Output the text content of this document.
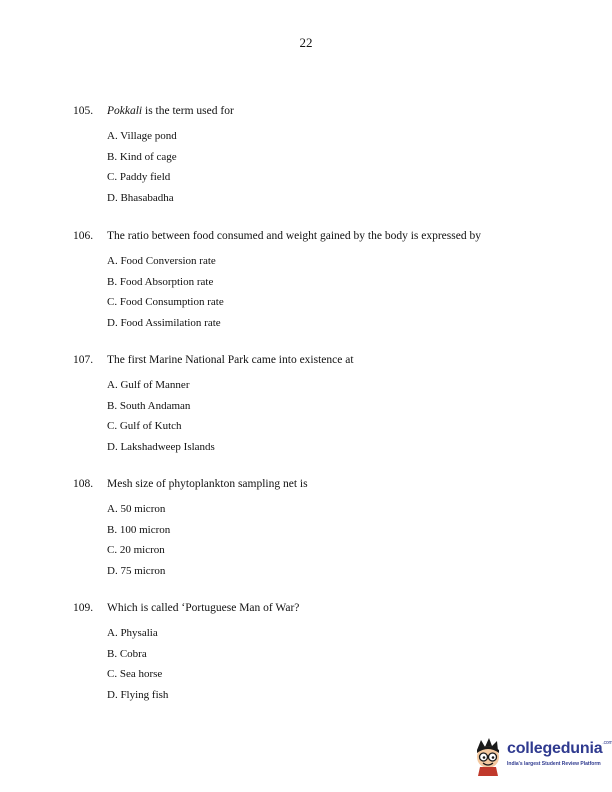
22
105. Pokkali is the term used for
A. Village pond
B. Kind of cage
C. Paddy field
D. Bhasabadha
106. The ratio between food consumed and weight gained by the body is expressed by
A. Food Conversion rate
B. Food Absorption rate
C. Food Consumption rate
D. Food Assimilation rate
107. The first Marine National Park came into existence at
A. Gulf of Manner
B. South Andaman
C. Gulf of Kutch
D. Lakshadweep Islands
108. Mesh size of phytoplankton sampling net is
A. 50 micron
B. 100 micron
C. 20 micron
D. 75 micron
109. Which is called ‘Portuguese Man of War?
A. Physalia
B. Cobra
C. Sea horse
D. Flying fish
collegedunia$^{.com}$
India's largest Student Review Platform
